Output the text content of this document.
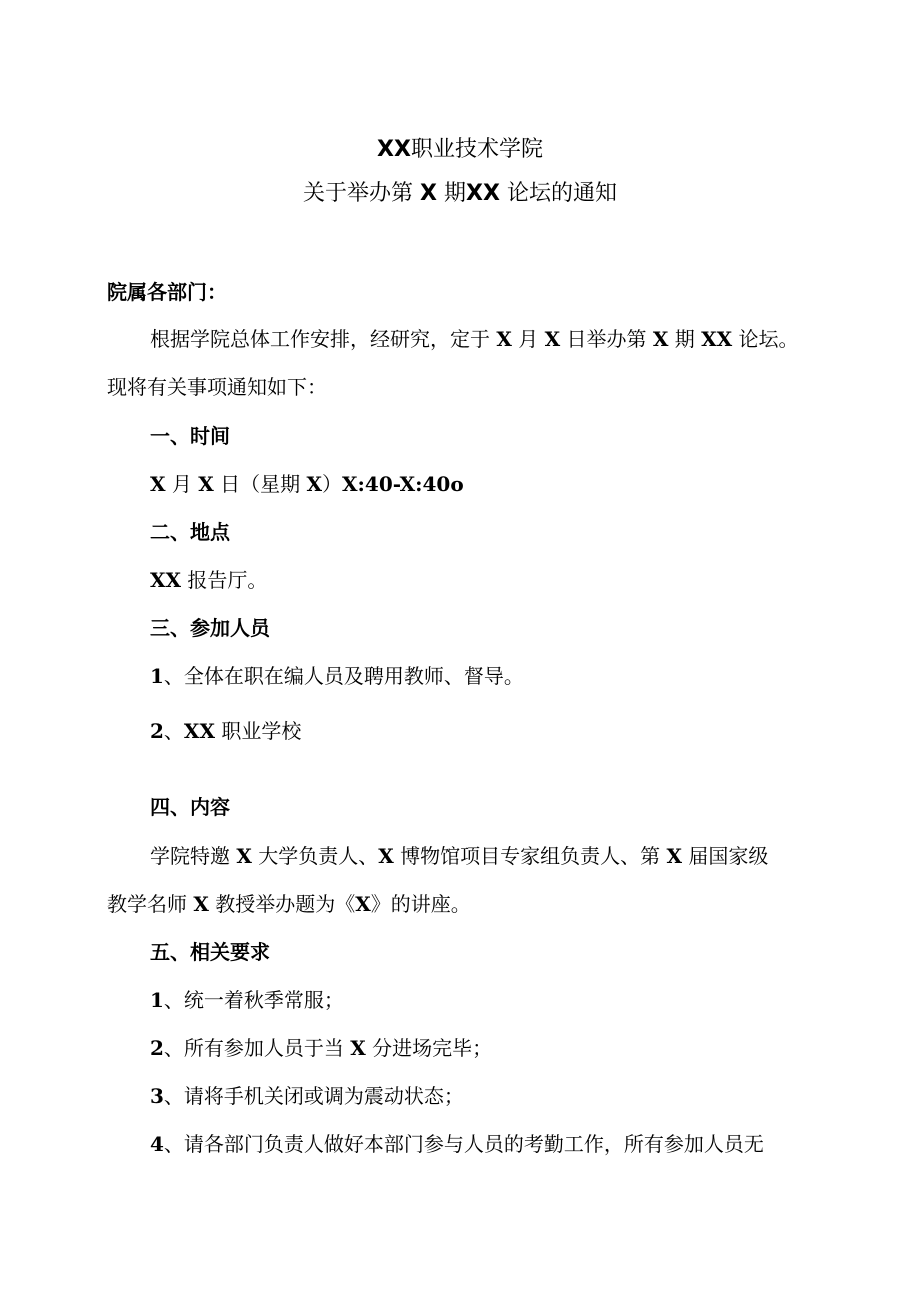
XX职业技术学院
关于举办第 X 期XX 论坛的通知
院属各部门：
根据学院总体工作安排，经研究，定于 X 月 X 日举办第 X 期 XX 论坛。
现将有关事项通知如下：
一、时间
X 月 X 日（星期 X）X:40-X:40o
二、地点
XX 报告厅。
三、参加人员
1、全体在职在编人员及聘用教师、督导。
2、XX 职业学校
四、内容
学院特邀 X 大学负责人、X 博物馆项目专家组负责人、第 X 届国家级
教学名师 X 教授举办题为《X》的讲座。
五、相关要求
1、统一着秋季常服；
2、所有参加人员于当 X 分进场完毕；
3、请将手机关闭或调为震动状态；
4、请各部门负责人做好本部门参与人员的考勤工作，所有参加人员无
